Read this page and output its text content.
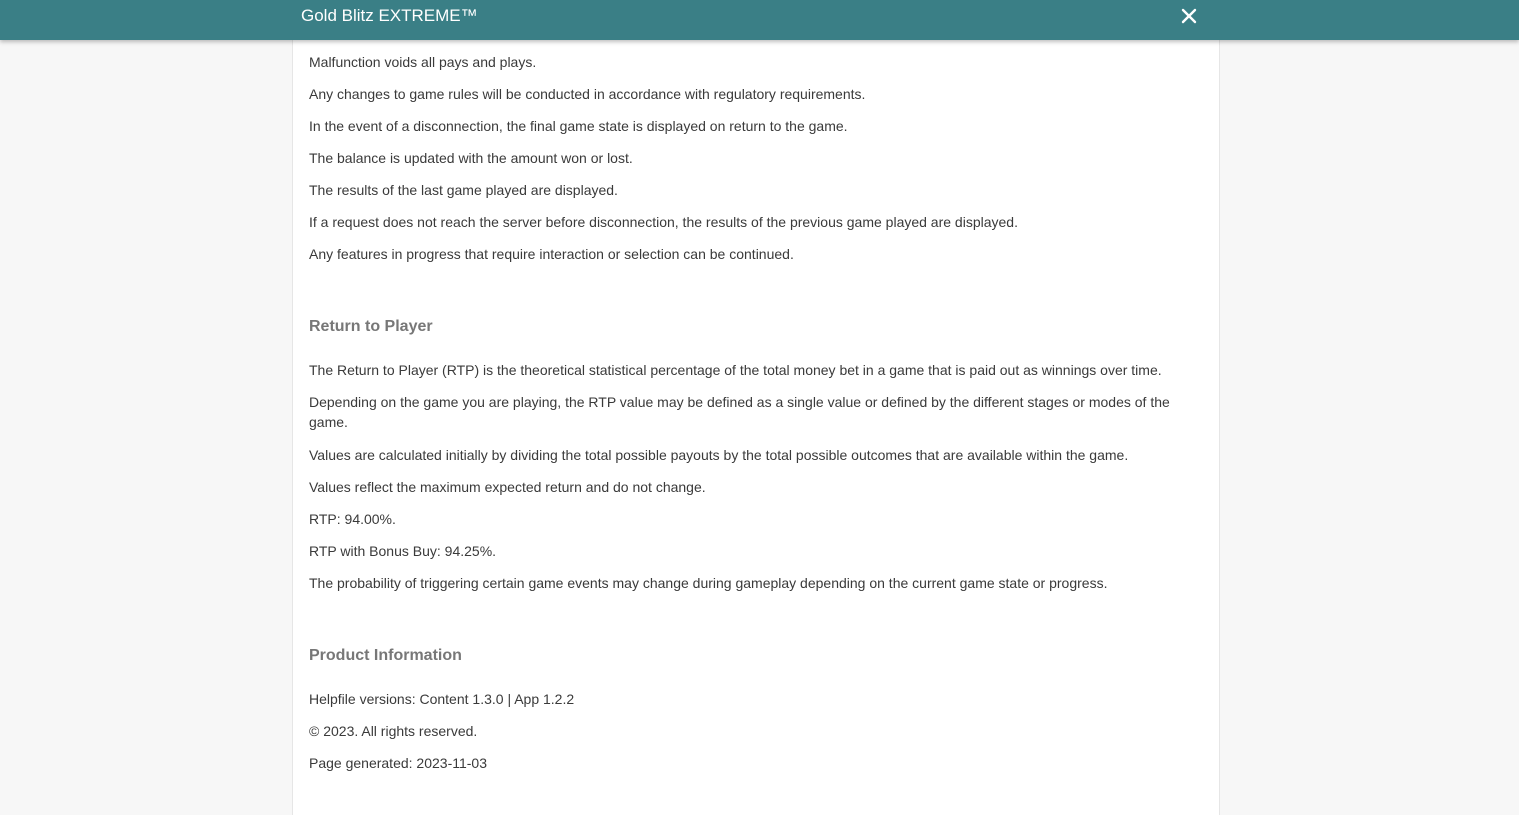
Gold Blitz EXTREME™

Malfunction voids all pays and plays.

Any changes to game rules will be conducted in accordance with regulatory requirements.

In the event of a disconnection, the final game state is displayed on return to the game.

The balance is updated with the amount won or lost.

The results of the last game played are displayed.

If a request does not reach the server before disconnection, the results of the previous game played are displayed.

Any features in progress that require interaction or selection can be continued.

Return to Player

The Return to Player (RTP) is the theoretical statistical percentage of the total money bet in a game that is paid out as winnings over time.

Depending on the game you are playing, the RTP value may be defined as a single value or defined by the different stages or modes of the game.

Values are calculated initially by dividing the total possible payouts by the total possible outcomes that are available within the game.

Values reflect the maximum expected return and do not change.

RTP: 94.00%.

RTP with Bonus Buy: 94.25%.

The probability of triggering certain game events may change during gameplay depending on the current game state or progress.

Product Information

Helpfile versions: Content 1.3.0 | App 1.2.2

© 2023. All rights reserved.

Page generated: 2023-11-03
